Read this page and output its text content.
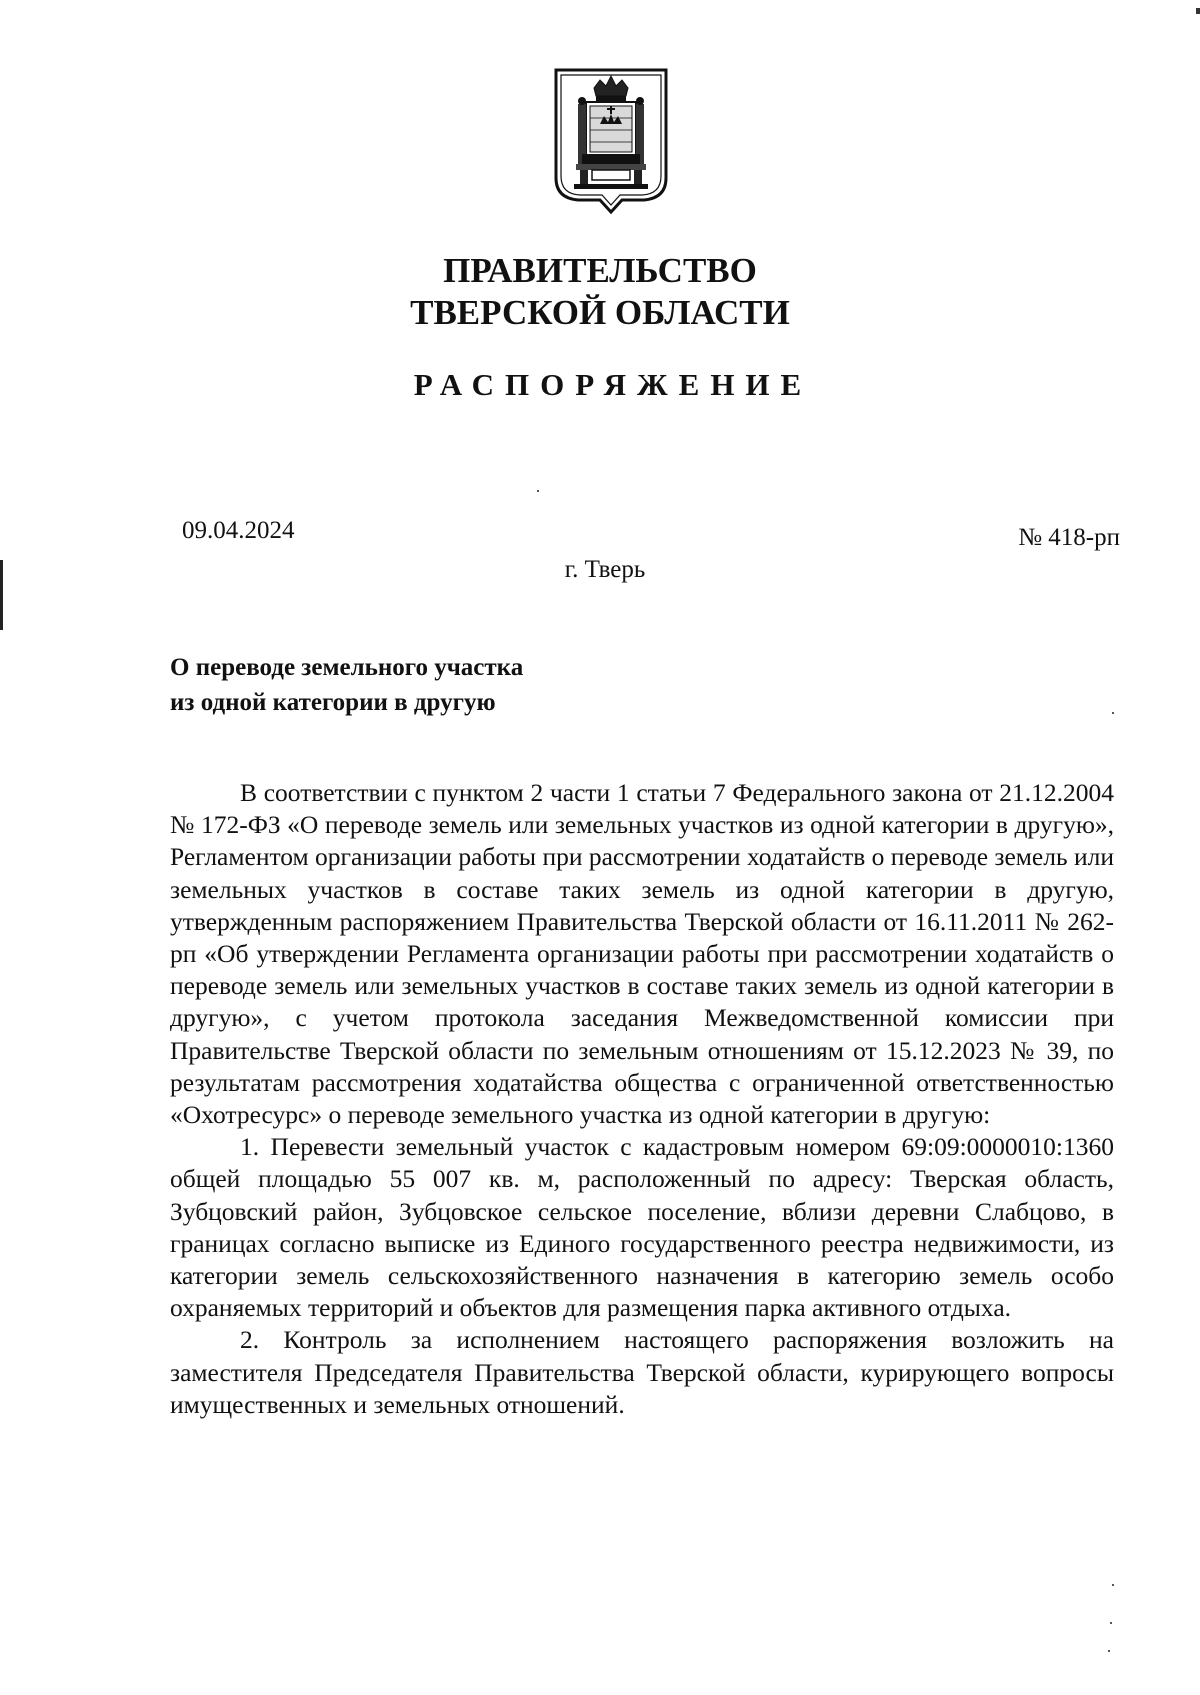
ПРАВИТЕЛЬСТВО
ТВЕРСКОЙ ОБЛАСТИ
РАСПОРЯЖЕНИЕ
09.04.2024	№ 418-рп
г. Тверь
О переводе земельного участка
из одной категории в другую

В соответствии с пунктом 2 части 1 статьи 7 Федерального закона от 21.12.2004 № 172-ФЗ «О переводе земель или земельных участков из одной категории в другую», Регламентом организации работы при рассмотрении ходатайств о переводе земель или земельных участков в составе таких земель из одной категории в другую, утвержденным распоряжением Правительства Тверской области от 16.11.2011 № 262-рп «Об утверждении Регламента организации работы при рассмотрении ходатайств о переводе земель или земельных участков в составе таких земель из одной категории в другую», с учетом протокола заседания Межведомственной комиссии при Правительстве Тверской области по земельным отношениям от 15.12.2023 № 39, по результатам рассмотрения ходатайства общества с ограниченной ответственностью «Охотресурс» о переводе земельного участка из одной категории в другую:

1. Перевести земельный участок с кадастровым номером 69:09:0000010:1360 общей площадью 55 007 кв. м, расположенный по адресу: Тверская область, Зубцовский район, Зубцовское сельское поселение, вблизи деревни Слабцово, в границах согласно выписке из Единого государственного реестра недвижимости, из категории земель сельскохозяйственного назначения в категорию земель особо охраняемых территорий и объектов для размещения парка активного отдыха.

2. Контроль за исполнением настоящего распоряжения возложить на заместителя Председателя Правительства Тверской области, курирующего вопросы имущественных и земельных отношений.
